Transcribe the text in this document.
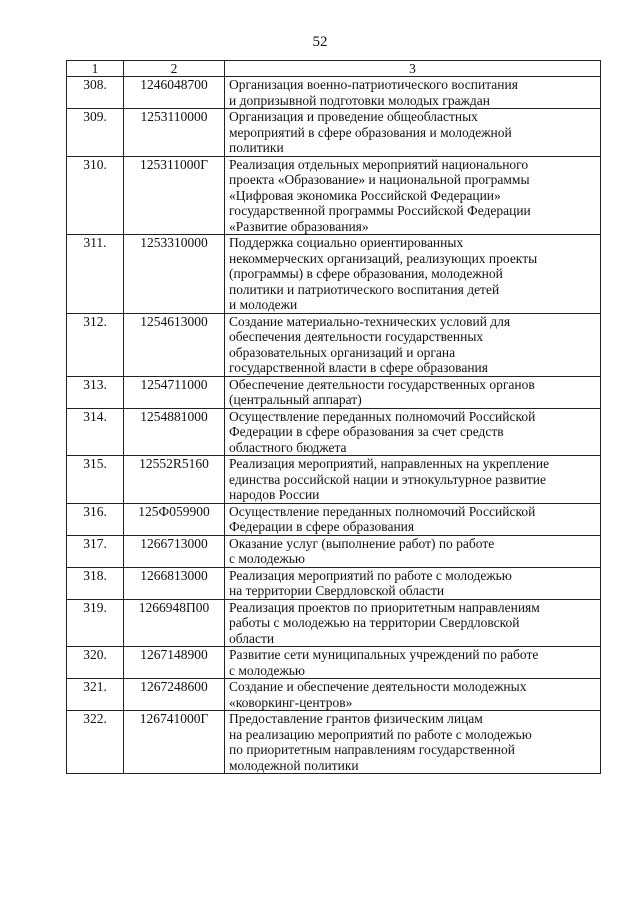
52
1	2	3
308.	1246048700	Организация военно-патриотического воспитания
и допризывной подготовки молодых граждан

309.	1253110000	Организация и проведение общеобластных
мероприятий в сфере образования и молодежной
политики

310.	125311000Г	Реализация отдельных мероприятий национального
проекта «Образование» и национальной программы
«Цифровая экономика Российской Федерации»
государственной программы Российской Федерации
«Развитие образования»

311.	1253310000	Поддержка социально ориентированных
некоммерческих организаций, реализующих проекты
(программы) в сфере образования, молодежной
политики и патриотического воспитания детей
и молодежи

312.	1254613000	Создание материально-технических условий для
обеспечения деятельности государственных
образовательных организаций и органа
государственной власти в сфере образования

313.	1254711000	Обеспечение деятельности государственных органов
(центральный аппарат)

314.	1254881000	Осуществление переданных полномочий Российской
Федерации в сфере образования за счет средств
областного бюджета

315.	12552R5160	Реализация мероприятий, направленных на укрепление
единства российской нации и этнокультурное развитие
народов России

316.	125Ф059900	Осуществление переданных полномочий Российской
Федерации в сфере образования

317.	1266713000	Оказание услуг (выполнение работ) по работе
с молодежью

318.	1266813000	Реализация мероприятий по работе с молодежью
на территории Свердловской области

319.	1266948П00	Реализация проектов по приоритетным направлениям
работы с молодежью на территории Свердловской
области

320.	1267148900	Развитие сети муниципальных учреждений по работе
с молодежью

321.	1267248600	Создание и обеспечение деятельности молодежных
«коворкинг-центров»

322.	126741000Г	Предоставление грантов физическим лицам
на реализацию мероприятий по работе с молодежью
по приоритетным направлениям государственной
молодежной политики
